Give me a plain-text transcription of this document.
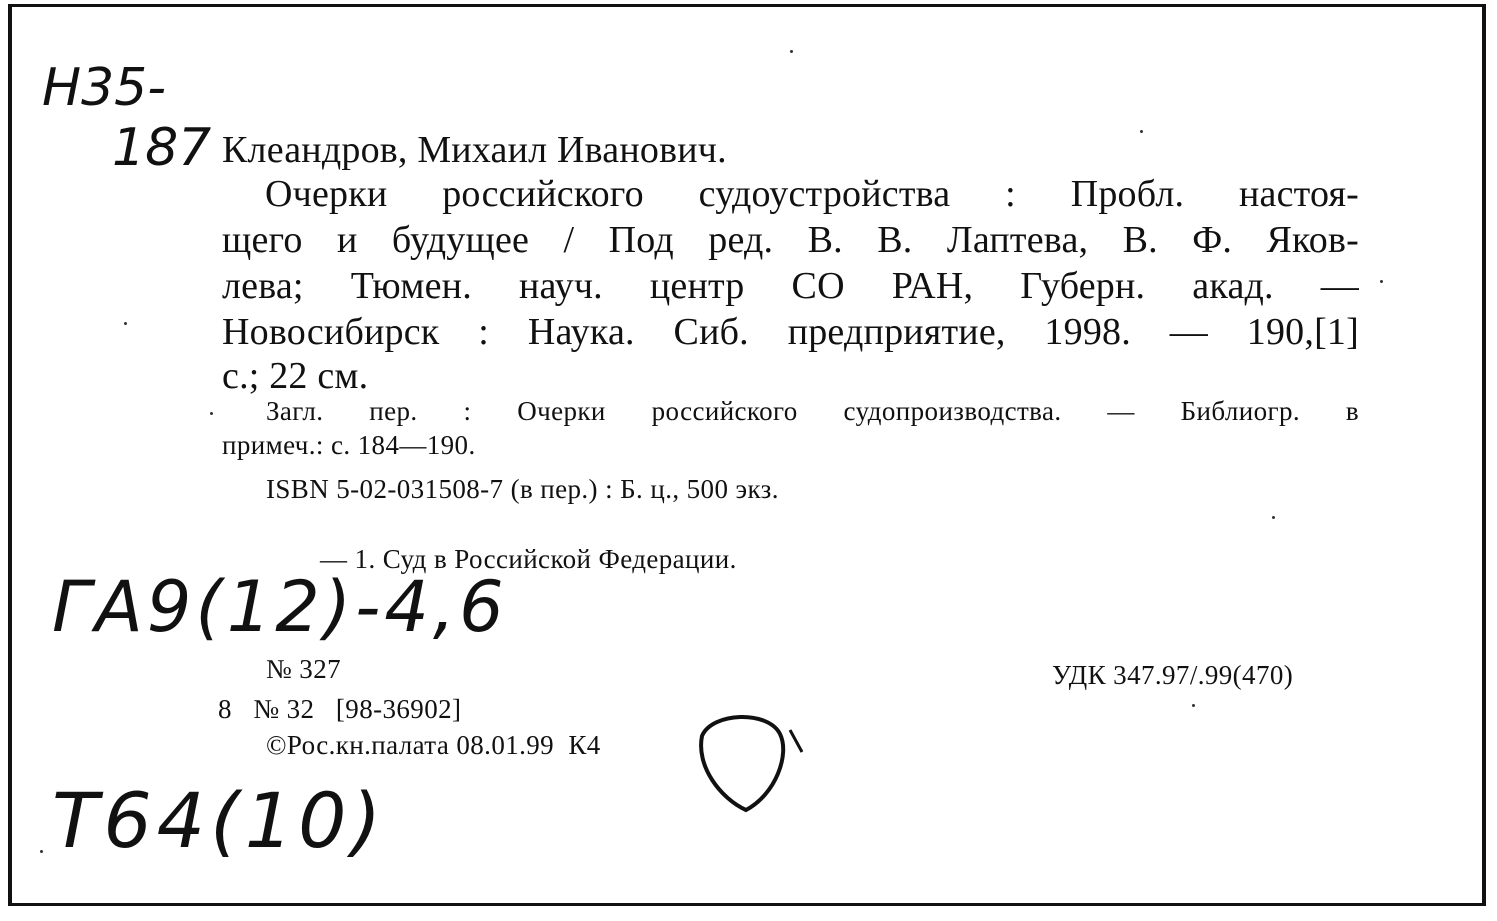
Н35-
187 Клеандров, Михаил Иванович.
Очерки российского судоустройства : Пробл. настоя-
щего и будущее / Под ред. В. В. Лаптева, В. Ф. Яков-
лева; Тюмен. науч. центр СО РАН, Губерн. акад. —
Новосибирск : Наука. Сиб. предприятие, 1998. — 190,[1]
с.; 22 см.
Загл. пер. : Очерки российского судопроизводства. — Библиогр. в
примеч.: с. 184—190.
ISBN 5-02-031508-7 (в пер.) : Б. ц., 500 экз.
— 1. Суд в Российской Федерации.
ГА9(12)-4,6
№ 327	УДК 347.97/.99(470)
8   № 32   [98-36902]
©Рос.кн.палата 08.01.99  К4
Т64(10)
